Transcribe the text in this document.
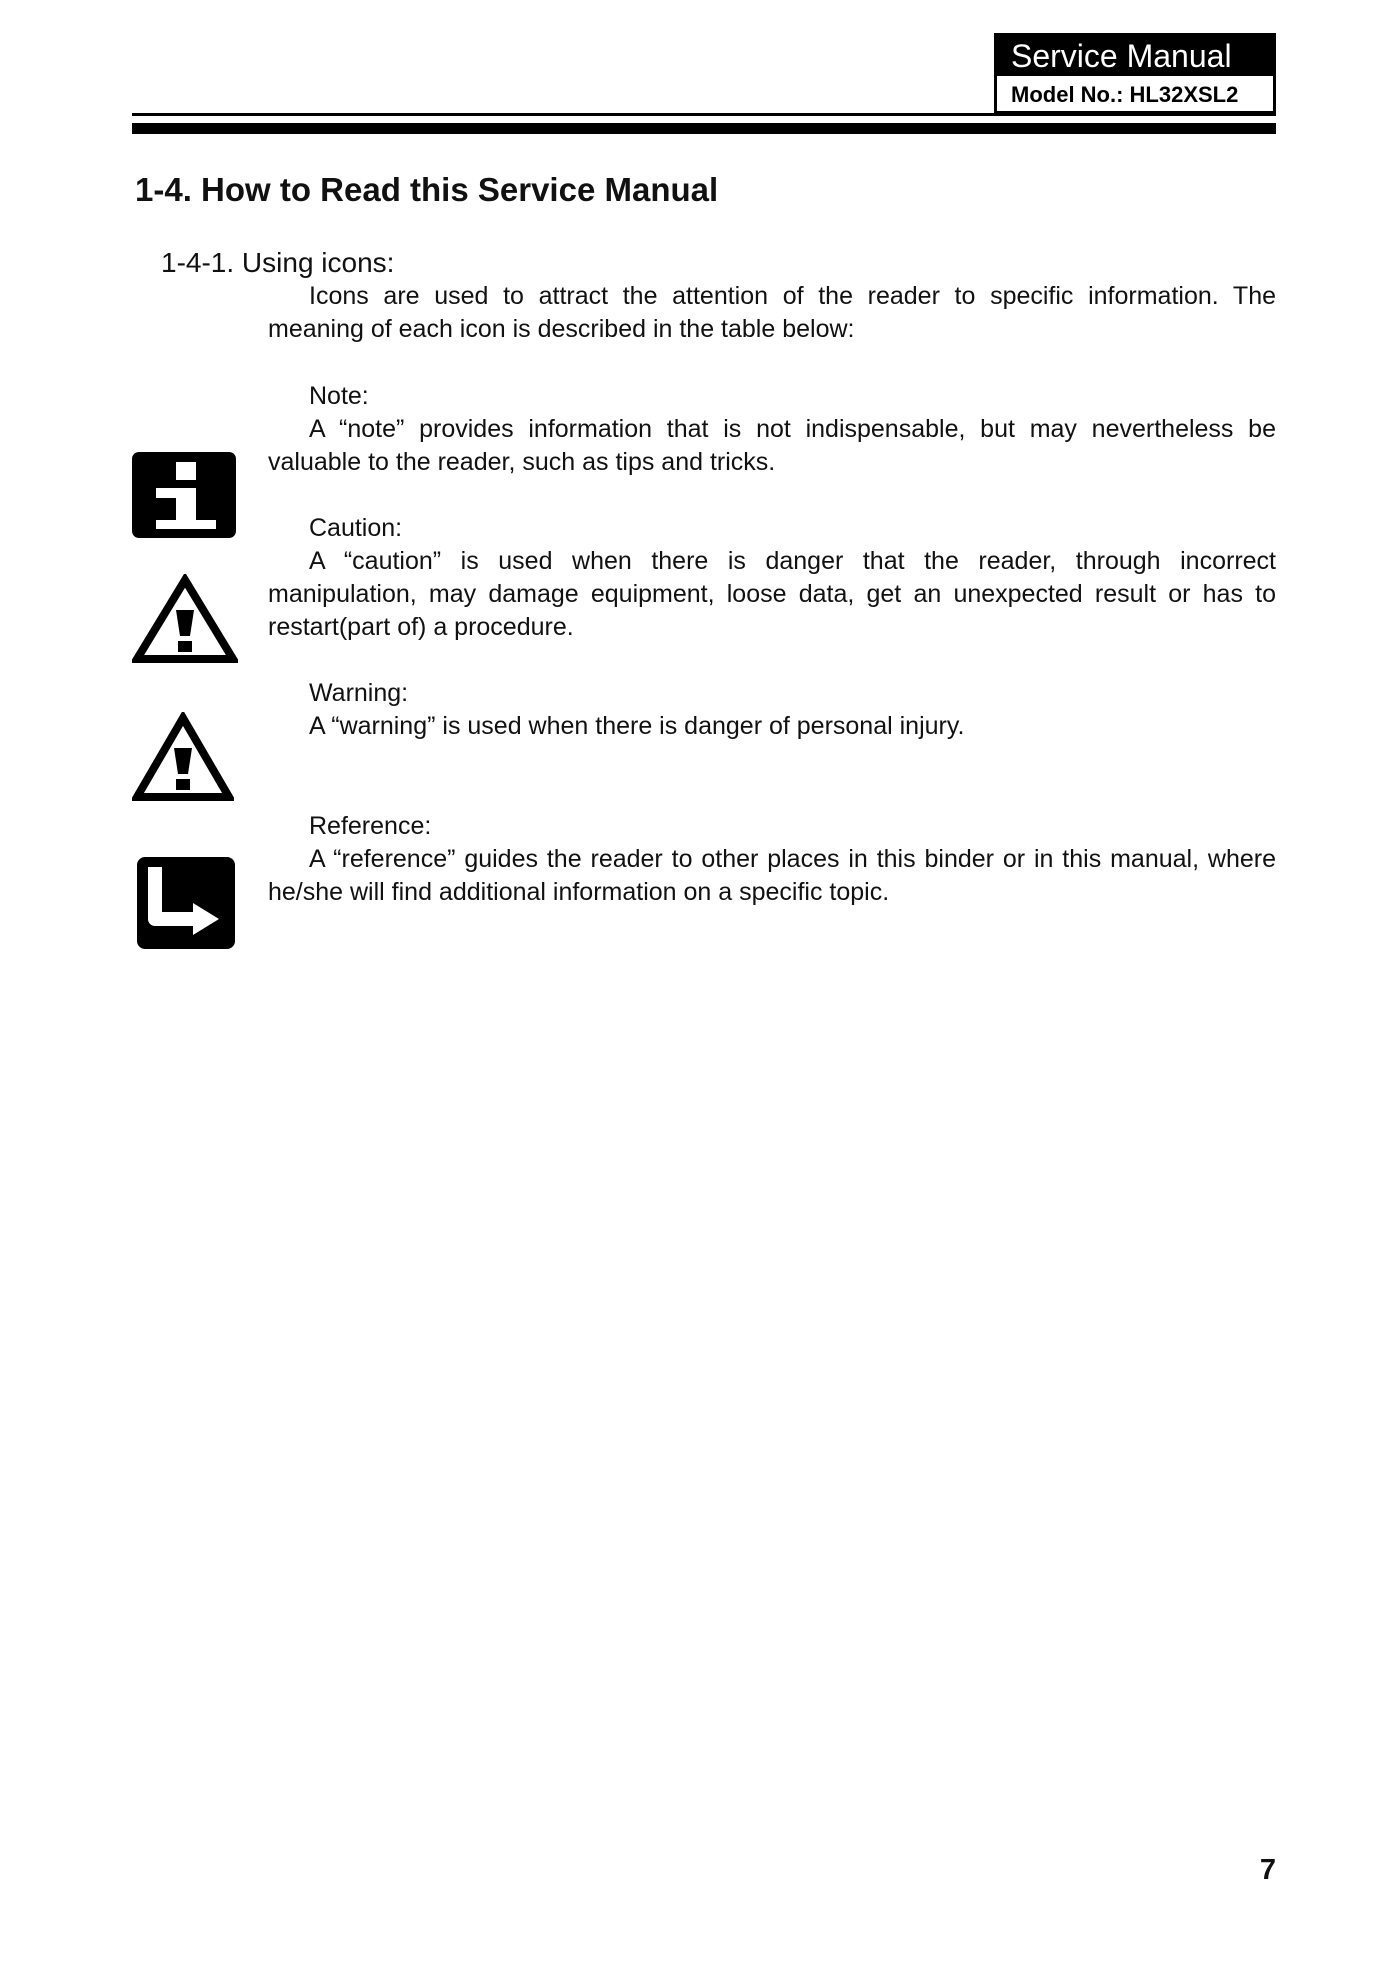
Service Manual
Model No.: HL32XSL2
1-4. How to Read this Service Manual
1-4-1. Using icons:

Icons are used to attract the attention of the reader to specific information. The meaning of each icon is described in the table below:

Note:

A “note” provides information that is not indispensable, but may nevertheless be valuable to the reader, such as tips and tricks.

Caution:

A “caution” is used when there is danger that the reader, through incorrect manipulation, may damage equipment, loose data, get an unexpected result or has to restart(part of) a procedure.

Warning:

A “warning” is used when there is danger of personal injury.

Reference:

A “reference” guides the reader to other places in this binder or in this manual, where he/she will find additional information on a specific topic.

7
